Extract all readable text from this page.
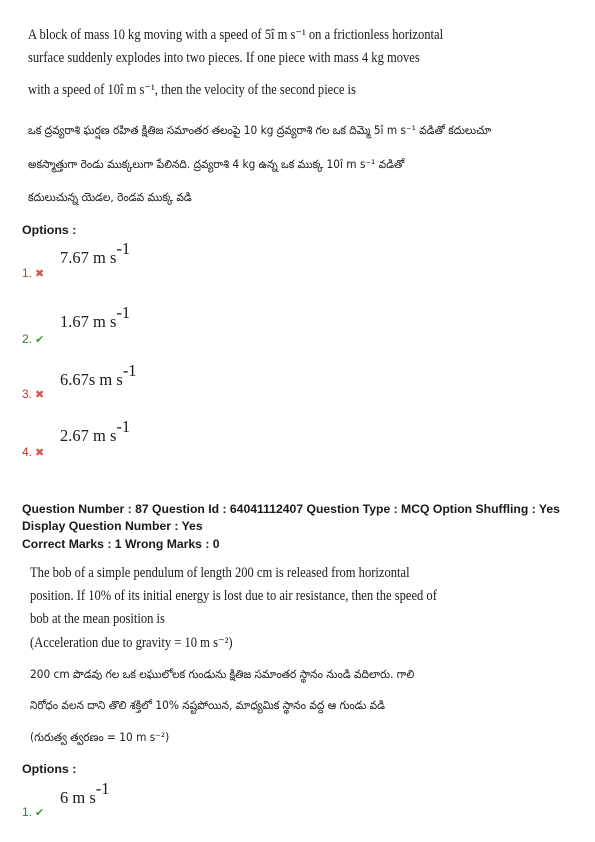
A block of mass 10 kg moving with a speed of 5î m s⁻¹ on a frictionless horizontal
surface suddenly explodes into two pieces. If one piece with mass 4 kg moves
with a speed of 10î m s⁻¹, then the velocity of the second piece is
ఒక ద్రవ్యరాశి ఘర్షణ రహిత క్షితిజ సమాంతర తలంపై 10 kg ద్రవ్యరాశి గల ఒక దిమ్మె 5î m s⁻¹ వడితో కదులుచూ
అకస్మాత్తుగా రెండు ముక్కలుగా పేలినది. ద్రవ్యరాశి 4 kg ఉన్న ఒక ముక్క 10î m s⁻¹ వడితో
కదులుచున్న యెడల, రెండవ ముక్క వడి
Options :
7.67 m $s^{-1}$
1. ✖
1.67 m $s^{-1}$
2. ✔
6.67s m $s^{-1}$
3. ✖
2.67 m $s^{-1}$
4. ✖
Question Number : 87 Question Id : 64041112407 Question Type : MCQ Option Shuffling : Yes
Display Question Number : Yes
Correct Marks : 1 Wrong Marks : 0
The bob of a simple pendulum of length 200 cm is released from horizontal
position. If 10% of its initial energy is lost due to air resistance, then the speed of
bob at the mean position is
(Acceleration due to gravity = 10 m s⁻²)
200 cm పొడవు గల ఒక లఘులోలక గుండును క్షితిజ సమాంతర స్థానం నుండి వదిలారు. గాలి
నిరోధం వలన దాని తొలి శక్తిలో 10% నష్టపోయిన, మాధ్యమిక స్థానం వద్ద ఆ గుండు వడి
(గురుత్వ త్వరణం = 10 m s⁻²)
Options :
6 m $s^{-1}$
1. ✔
